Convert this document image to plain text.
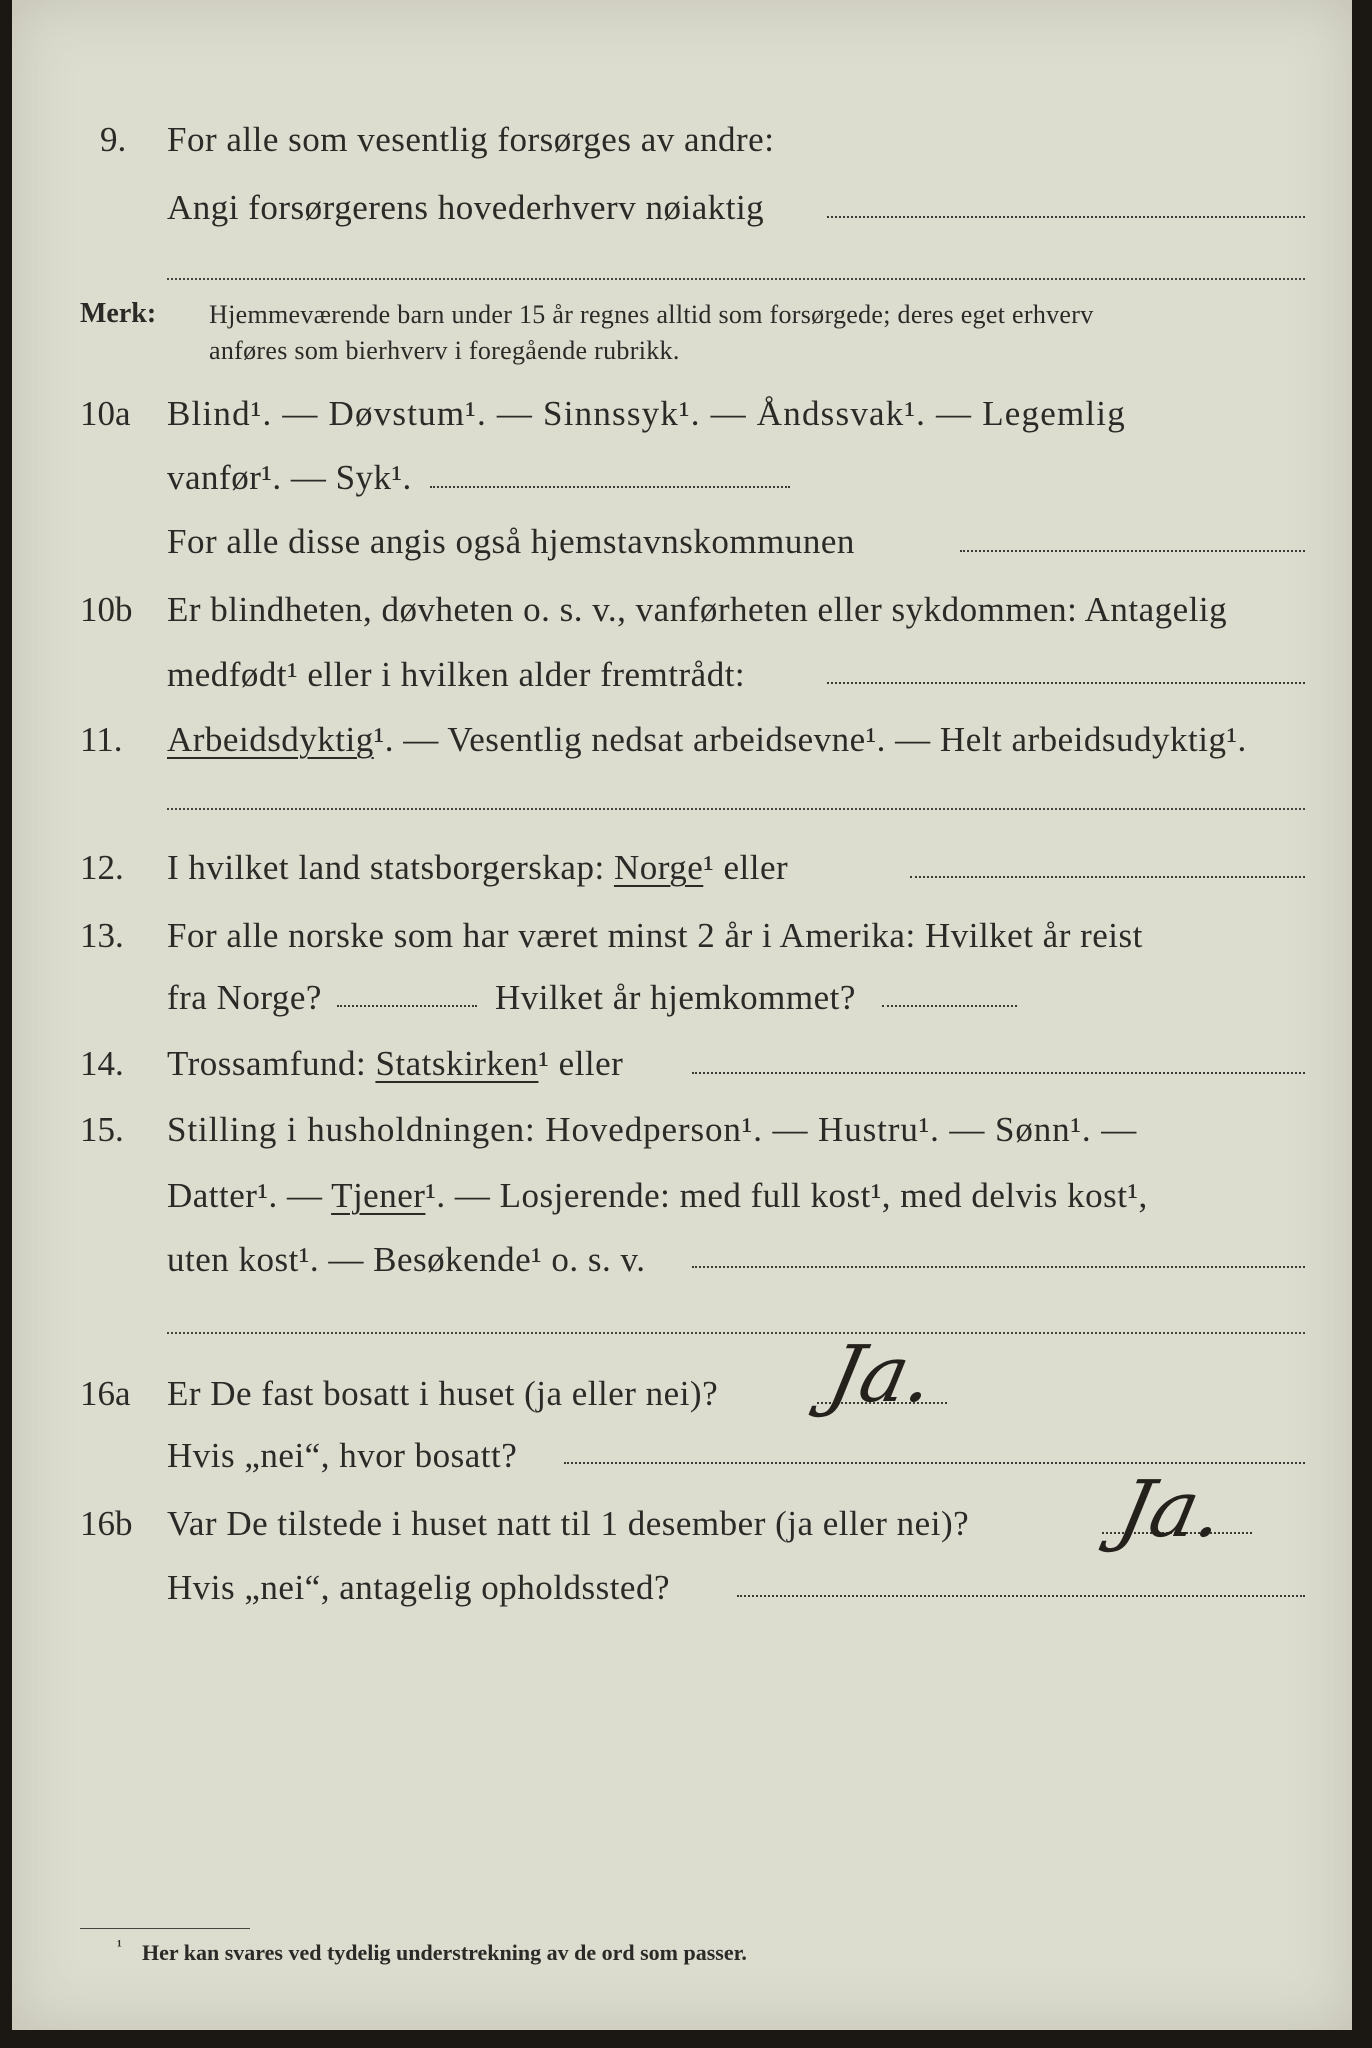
9. For alle som vesentlig forsørges av andre:
Angi forsørgerens hovederhverv nøiaktig
Merk: Hjemmeværende barn under 15 år regnes alltid som forsørgede; deres eget erhverv
anføres som bierhverv i foregående rubrikk.
10a Blind¹. — Døvstum¹. — Sinnssyk¹. — Åndssvak¹. — Legemlig
vanfør¹. — Syk¹.
For alle disse angis også hjemstavnskommunen
10b Er blindheten, døvheten o. s. v., vanførheten eller sykdommen: Antagelig
medfødt¹ eller i hvilken alder fremtrådt:
11. Arbeidsdyktig¹. — Vesentlig nedsat arbeidsevne¹. — Helt arbeidsudyktig¹.
12. I hvilket land statsborgerskap: Norge¹ eller
13. For alle norske som har været minst 2 år i Amerika: Hvilket år reist
fra Norge?	Hvilket år hjemkommet?
14. Trossamfund: Statskirken¹ eller
15. Stilling i husholdningen: Hovedperson¹. — Hustru¹. — Sønn¹. —
Datter¹. — Tjener¹. — Losjerende: med full kost¹, med delvis kost¹,
uten kost¹. — Besøkende¹ o. s. v.
16a Er De fast bosatt i huset (ja eller nei)? Ja.
Hvis „nei“, hvor bosatt?
16b Var De tilstede i huset natt til 1 desember (ja eller nei)? Ja.
Hvis „nei“, antagelig opholdssted?
¹ Her kan svares ved tydelig understrekning av de ord som passer.
